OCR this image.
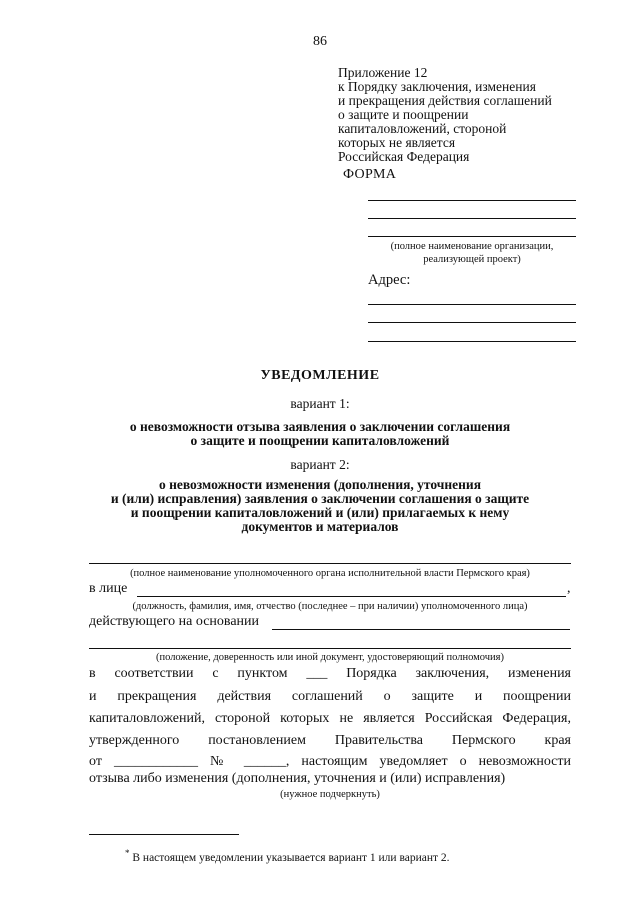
86
Приложение 12
к Порядку заключения, изменения
и прекращения действия соглашений
о защите и поощрении
капиталовложений, стороной
которых не является
Российская Федерация
ФОРМА
(полное наименование организации,
реализующей проект)
Адрес:
УВЕДОМЛЕНИЕ
вариант 1:
о невозможности отзыва заявления о заключении соглашения
о защите и поощрении капиталовложений
вариант 2:
о невозможности изменения (дополнения, уточнения
и (или) исправления) заявления о заключении соглашения о защите
и поощрении капиталовложений и (или) прилагаемых к нему
документов и материалов
(полное наименование уполномоченного органа исполнительной власти Пермского края)
в лице	,
(должность, фамилия, имя, отчество (последнее – при наличии) уполномоченного лица)
действующего на основании
(положение, доверенность или иной документ, удостоверяющий полномочия)
в соответствии с пунктом ___ Порядка заключения, изменения
и прекращения действия соглашений о защите и поощрении
капиталовложений, стороной которых не является Российская Федерация,
утвержденного постановлением Правительства Пермского края
от ____________ № ______, настоящим уведомляет о невозможности
отзыва либо изменения (дополнения, уточнения и (или) исправления)
(нужное подчеркнуть)
* В настоящем уведомлении указывается вариант 1 или вариант 2.
